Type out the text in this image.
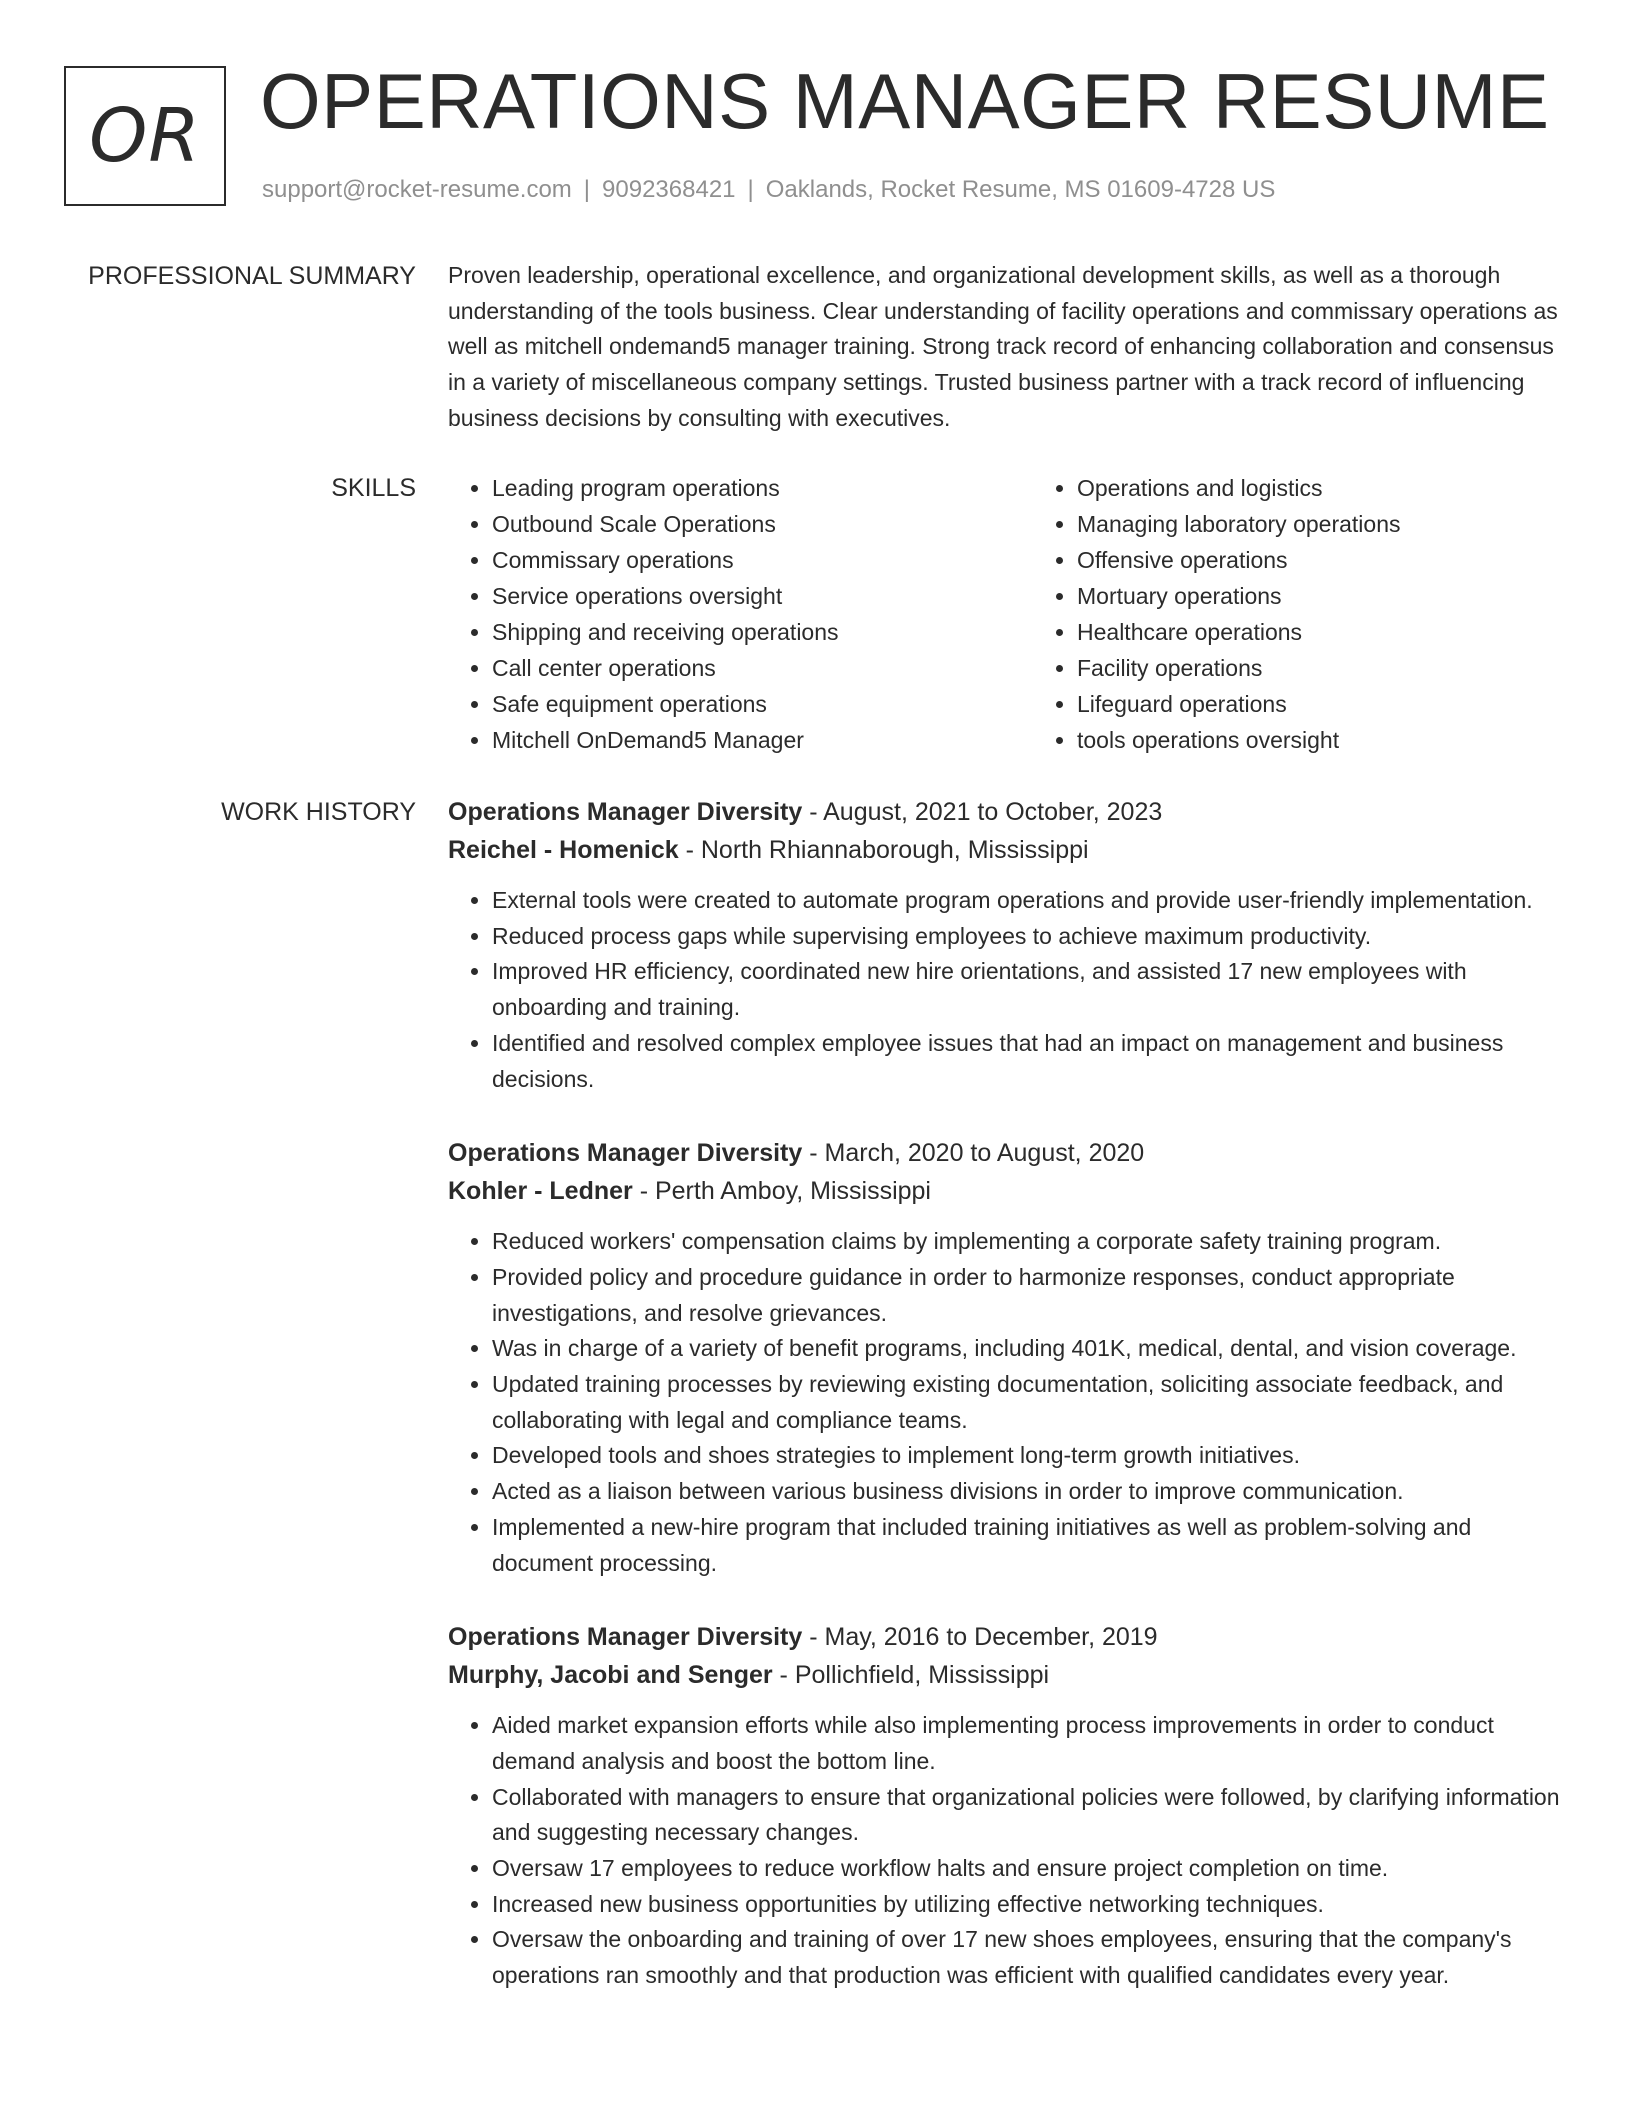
OR OPERATIONS MANAGER RESUME
support@rocket-resume.com | 9092368421 | Oaklands, Rocket Resume, MS 01609-4728 US
PROFESSIONAL SUMMARY Proven leadership, operational excellence, and organizational development skills, as well as a thorough understanding of the tools business. Clear understanding of facility operations and commissary operations as well as mitchell ondemand5 manager training. Strong track record of enhancing collaboration and consensus in a variety of miscellaneous company settings. Trusted business partner with a track record of influencing business decisions by consulting with executives.

SKILLS
•	Leading program operations
• Outbound Scale Operations
• Commissary operations
• Service operations oversight
• Shipping and receiving operations
• Call center operations
• Safe equipment operations
• Mitchell OnDemand5 Manager
• Operations and logistics
• Managing laboratory operations
• Offensive operations
• Mortuary operations
• Healthcare operations
• Facility operations
• Lifeguard operations
• tools operations oversight
WORK HISTORY Operations Manager Diversity - August, 2021 to October, 2023
Reichel - Homenick - North Rhiannaborough, Mississippi
• External tools were created to automate program operations and provide user-friendly implementation.
• Reduced process gaps while supervising employees to achieve maximum productivity.
• Improved HR efficiency, coordinated new hire orientations, and assisted 17 new employees with onboarding and training.
• Identified and resolved complex employee issues that had an impact on management and business decisions.
Operations Manager Diversity - March, 2020 to August, 2020
Kohler - Ledner - Perth Amboy, Mississippi
• Reduced workers' compensation claims by implementing a corporate safety training program.
• Provided policy and procedure guidance in order to harmonize responses, conduct appropriate investigations, and resolve grievances.
• Was in charge of a variety of benefit programs, including 401K, medical, dental, and vision coverage.
• Updated training processes by reviewing existing documentation, soliciting associate feedback, and collaborating with legal and compliance teams.
• Developed tools and shoes strategies to implement long-term growth initiatives.
• Acted as a liaison between various business divisions in order to improve communication.
• Implemented a new-hire program that included training initiatives as well as problem-solving and document processing.
Operations Manager Diversity - May, 2016 to December, 2019
Murphy, Jacobi and Senger - Pollichfield, Mississippi
• Aided market expansion efforts while also implementing process improvements in order to conduct demand analysis and boost the bottom line.
• Collaborated with managers to ensure that organizational policies were followed, by clarifying information and suggesting necessary changes.
• Oversaw 17 employees to reduce workflow halts and ensure project completion on time.
• Increased new business opportunities by utilizing effective networking techniques.
• Oversaw the onboarding and training of over 17 new shoes employees, ensuring that the company's operations ran smoothly and that production was efficient with qualified candidates every year.
